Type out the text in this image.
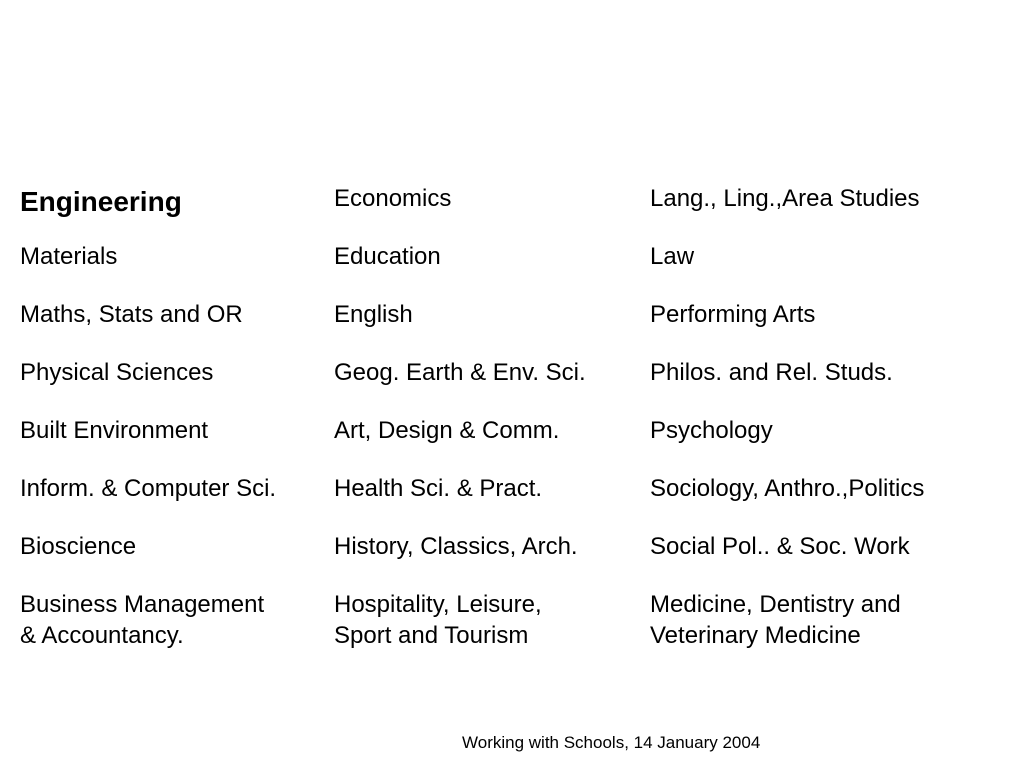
Engineering
Materials
Maths, Stats and OR
Physical Sciences
Built Environment
Inform. & Computer Sci.
Bioscience
Business Management
& Accountancy.
Economics
Education
English
Geog. Earth & Env. Sci.
Art, Design & Comm.
Health Sci. & Pract.
History, Classics, Arch.
Hospitality, Leisure,
Sport and Tourism
Lang., Ling.,Area Studies
Law
Performing Arts
Philos. and Rel. Studs.
Psychology
Sociology, Anthro.,Politics
Social Pol.. & Soc. Work
Medicine, Dentistry and
Veterinary Medicine
Working with Schools, 14 January 2004
